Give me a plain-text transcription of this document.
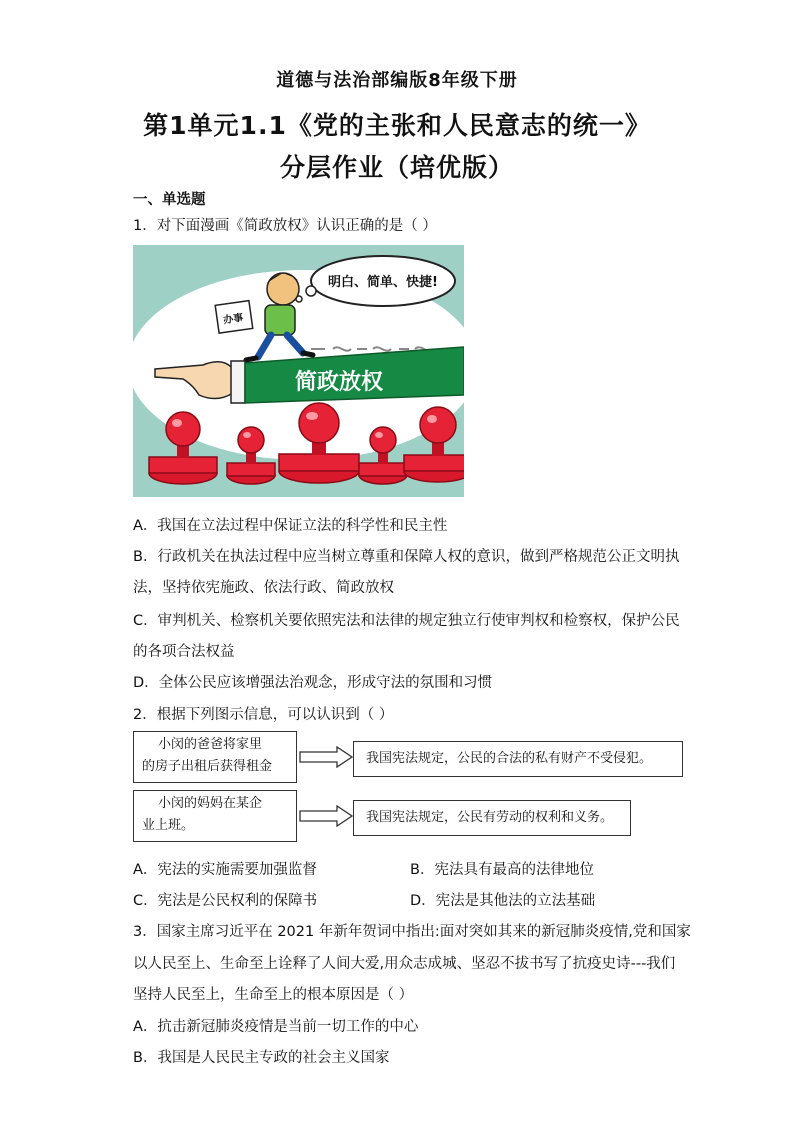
道德与法治部编版8年级下册
第1单元1.1《党的主张和人民意志的统一》
分层作业（培优版）
一、单选题
1．对下面漫画《简政放权》认识正确的是（ ）
明白、简单、快捷!
办事
简政放权
A．我国在立法过程中保证立法的科学性和民主性
B．行政机关在执法过程中应当树立尊重和保障人权的意识，做到严格规范公正文明执
法，坚持依宪施政、依法行政、简政放权
C．审判机关、检察机关要依照宪法和法律的规定独立行使审判权和检察权，保护公民
的各项合法权益
D．全体公民应该增强法治观念，形成守法的氛围和习惯
2．根据下列图示信息，可以认识到（ ）
小闵的爸爸将家里
的房子出租后获得租金
我国宪法规定，公民的合法的私有财产不受侵犯。
小闵的妈妈在某企
业上班。
我国宪法规定，公民有劳动的权利和义务。
A．宪法的实施需要加强监督	B．宪法具有最高的法律地位
C．宪法是公民权利的保障书	D．宪法是其他法的立法基础
3．国家主席习近平在 2021 年新年贺词中指出:面对突如其来的新冠肺炎疫情,党和国家
以人民至上、生命至上诠释了人间大爱,用众志成城、坚忍不拔书写了抗疫史诗---我们
坚持人民至上，生命至上的根本原因是（ ）
A．抗击新冠肺炎疫情是当前一切工作的中心
B．我国是人民民主专政的社会主义国家
